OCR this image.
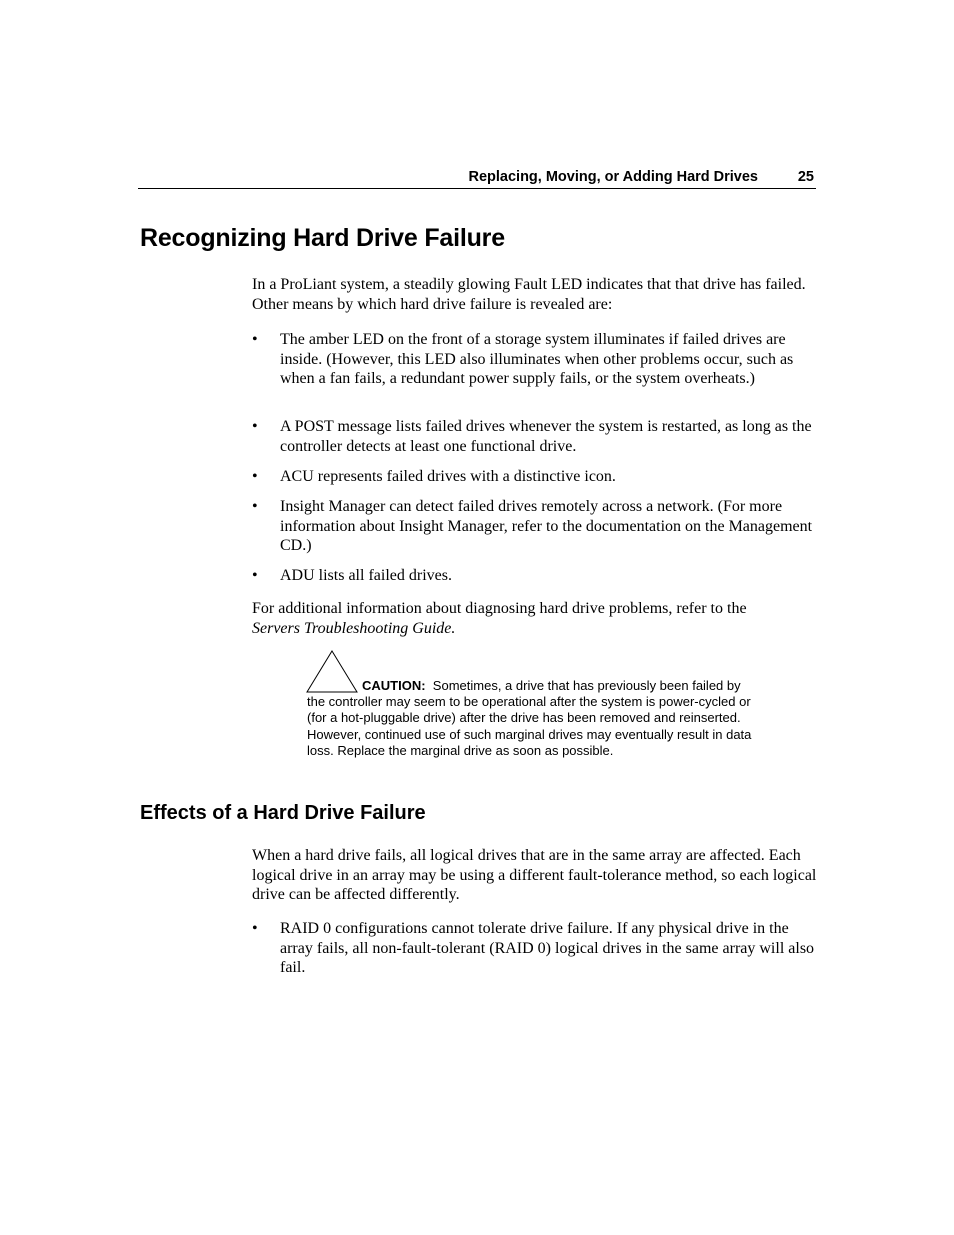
Replacing, Moving, or Adding Hard Drives	25
Recognizing Hard Drive Failure

In a ProLiant system, a steadily glowing Fault LED indicates that that drive has failed. Other means by which hard drive failure is revealed are:

• The amber LED on the front of a storage system illuminates if failed drives are inside. (However, this LED also illuminates when other problems occur, such as when a fan fails, a redundant power supply fails, or the system overheats.)
• A POST message lists failed drives whenever the system is restarted, as long as the controller detects at least one functional drive.
• ACU represents failed drives with a distinctive icon.
• Insight Manager can detect failed drives remotely across a network. (For more information about Insight Manager, refer to the documentation on the Management CD.)
• ADU lists all failed drives.

For additional information about diagnosing hard drive problems, refer to the
Servers Troubleshooting Guide.

CAUTION: Sometimes, a drive that has previously been failed by the controller may seem to be operational after the system is power-cycled or (for a hot-pluggable drive) after the drive has been removed and reinserted. However, continued use of such marginal drives may eventually result in data loss. Replace the marginal drive as soon as possible.
Effects of a Hard Drive Failure

When a hard drive fails, all logical drives that are in the same array are affected. Each logical drive in an array may be using a different fault-tolerance method, so each logical drive can be affected differently.

• RAID 0 configurations cannot tolerate drive failure. If any physical drive in the array fails, all non-fault-tolerant (RAID 0) logical drives in the same array will also fail.
